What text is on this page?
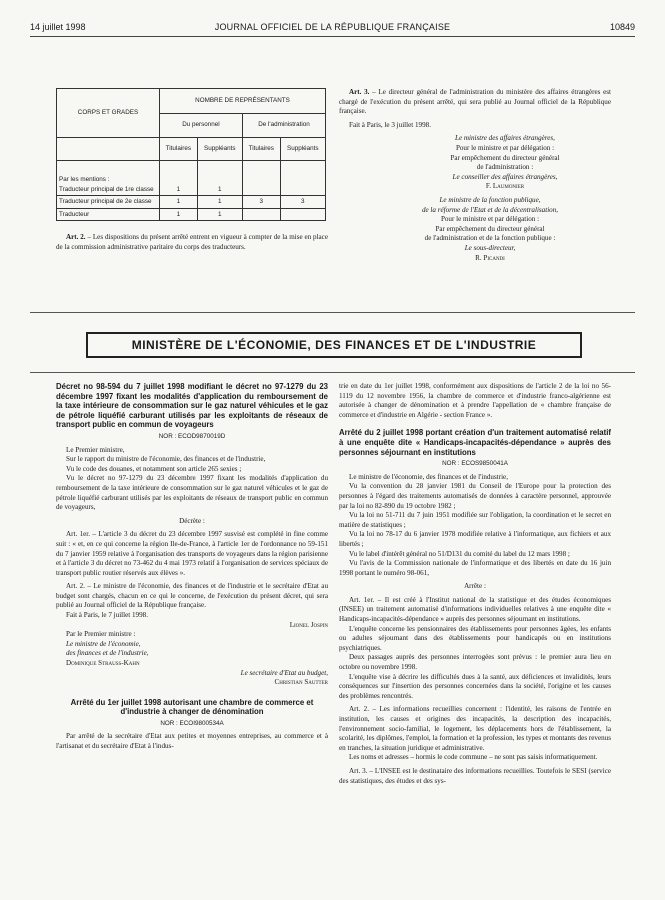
14 juillet 1998	JOURNAL OFFICIEL DE LA RÉPUBLIQUE FRANÇAISE	10849
CORPS ET GRADES	NOMBRE DE REPRÉSENTANTS			
	Du personnel		De l'administration	
	Titulaires	Suppléants	Titulaires	Suppléants

Par les mentions :
Traducteur principal de 1re classe	1	1		
Traducteur principal de 2e classe	1	1	3	3
Traducteur	1	1		

Art. 2. – Les dispositions du présent arrêté entrent en vigueur à compter de la mise en place de la commission administrative paritaire du corps des traducteurs.

Art. 3. – Le directeur général de l'administration du ministère des affaires étrangères est chargé de l'exécution du présent arrêté, qui sera publié au Journal officiel de la République française.

Fait à Paris, le 3 juillet 1998.

Le ministre des affaires étrangères,

Pour le ministre et par délégation :

Par empêchement du directeur général

de l'administration :

Le conseiller des affaires étrangères,

F. Laumonier

Le ministre de la fonction publique,

de la réforme de l'Etat et de la décentralisation,

Pour le ministre et par délégation :

Par empêchement du directeur général

de l'administration et de la fonction publique :

Le sous-directeur,

R. Picandi

MINISTÈRE DE L'ÉCONOMIE, DES FINANCES ET DE L'INDUSTRIE
Décret no 98-594 du 7 juillet 1998 modifiant le décret no 97-1279 du 23 décembre 1997 fixant les modalités d'application du remboursement de la taxe intérieure de consommation sur le gaz naturel véhicules et le gaz de pétrole liquéfié carburant utilisés par les exploitants de réseaux de transport public en commun de voyageurs
NOR : ECOD9870019D

Le Premier ministre,

Sur le rapport du ministre de l'économie, des finances et de l'industrie,

Vu le code des douanes, et notamment son article 265 sexies ;

Vu le décret no 97-1279 du 23 décembre 1997 fixant les modalités d'application du remboursement de la taxe intérieure de consommation sur le gaz naturel véhicules et le gaz de pétrole liquéfié carburant utilisés par les exploitants de réseaux de transport public en commun de voyageurs,

Décrète :

Art. 1er. – L'article 3 du décret du 23 décembre 1997 susvisé est complété in fine comme suit : « et, en ce qui concerne la région Ile-de-France, à l'article 1er de l'ordonnance no 59-151 du 7 janvier 1959 relative à l'organisation des transports de voyageurs dans la région parisienne et à l'article 3 du décret no 73-462 du 4 mai 1973 relatif à l'organisation de services spéciaux de transport public routier réservés aux élèves ».

Art. 2. – Le ministre de l'économie, des finances et de l'industrie et le secrétaire d'Etat au budget sont chargés, chacun en ce qui le concerne, de l'exécution du présent décret, qui sera publié au Journal officiel de la République française.

Fait à Paris, le 7 juillet 1998.

Lionel Jospin

Par le Premier ministre :

Le ministre de l'économie,

des finances et de l'industrie,

Dominique Strauss-Kahn

Le secrétaire d'Etat au budget,

Christian Sautter

Arrêté du 1er juillet 1998 autorisant une chambre de commerce et d'industrie à changer de dénomination
NOR : ECOI9800534A

Par arrêté de la secrétaire d'Etat aux petites et moyennes entreprises, au commerce et à l'artisanat et du secrétaire d'Etat à l'indus-

trie en date du 1er juillet 1998, conformément aux dispositions de l'article 2 de la loi no 56-1119 du 12 novembre 1956, la chambre de commerce et d'industrie franco-algérienne est autorisée à changer de dénomination et à prendre l'appellation de « chambre française de commerce et d'industrie en Algérie - section France ».

Arrêté du 2 juillet 1998 portant création d'un traitement automatisé relatif à une enquête dite « Handicaps-incapacités-dépendance » auprès des personnes séjournant en institutions
NOR : ECOS9850041A

Le ministre de l'économie, des finances et de l'industrie,

Vu la convention du 28 janvier 1981 du Conseil de l'Europe pour la protection des personnes à l'égard des traitements automatisés de données à caractère personnel, approuvée par la loi no 82-890 du 19 octobre 1982 ;

Vu la loi no 51-711 du 7 juin 1951 modifiée sur l'obligation, la coordination et le secret en matière de statistiques ;

Vu la loi no 78-17 du 6 janvier 1978 modifiée relative à l'informatique, aux fichiers et aux libertés ;

Vu le label d'intérêt général no 51/D131 du comité du label du 12 mars 1998 ;

Vu l'avis de la Commission nationale de l'informatique et des libertés en date du 16 juin 1998 portant le numéro 98-061,

Arrête :

Art. 1er. – Il est créé à l'Institut national de la statistique et des études économiques (INSEE) un traitement automatisé d'informations individuelles relatives à une enquête dite « Handicaps-incapacités-dépendance » auprès des personnes séjournant en institutions.

L'enquête concerne les pensionnaires des établissements pour personnes âgées, les enfants ou adultes séjournant dans des établissements pour handicapés ou en institutions psychiatriques.

Deux passages auprès des personnes interrogées sont prévus : le premier aura lieu en octobre ou novembre 1998.

L'enquête vise à décrire les difficultés dues à la santé, aux déficiences et invalidités, leurs conséquences sur l'insertion des personnes concernées dans la société, l'origine et les causes des problèmes rencontrés.

Art. 2. – Les informations recueillies concernent : l'identité, les raisons de l'entrée en institution, les causes et origines des incapacités, la description des incapacités, l'environnement socio-familial, le logement, les déplacements hors de l'établissement, la scolarité, les diplômes, l'emploi, la formation et la profession, les types et montants des revenus en tranches, la situation juridique et administrative.

Les noms et adresses – hormis le code commune – ne sont pas saisis informatiquement.

Art. 3. – L'INSEE est le destinataire des informations recueillies. Toutefois le SESI (service des statistiques, des études et des sys-
